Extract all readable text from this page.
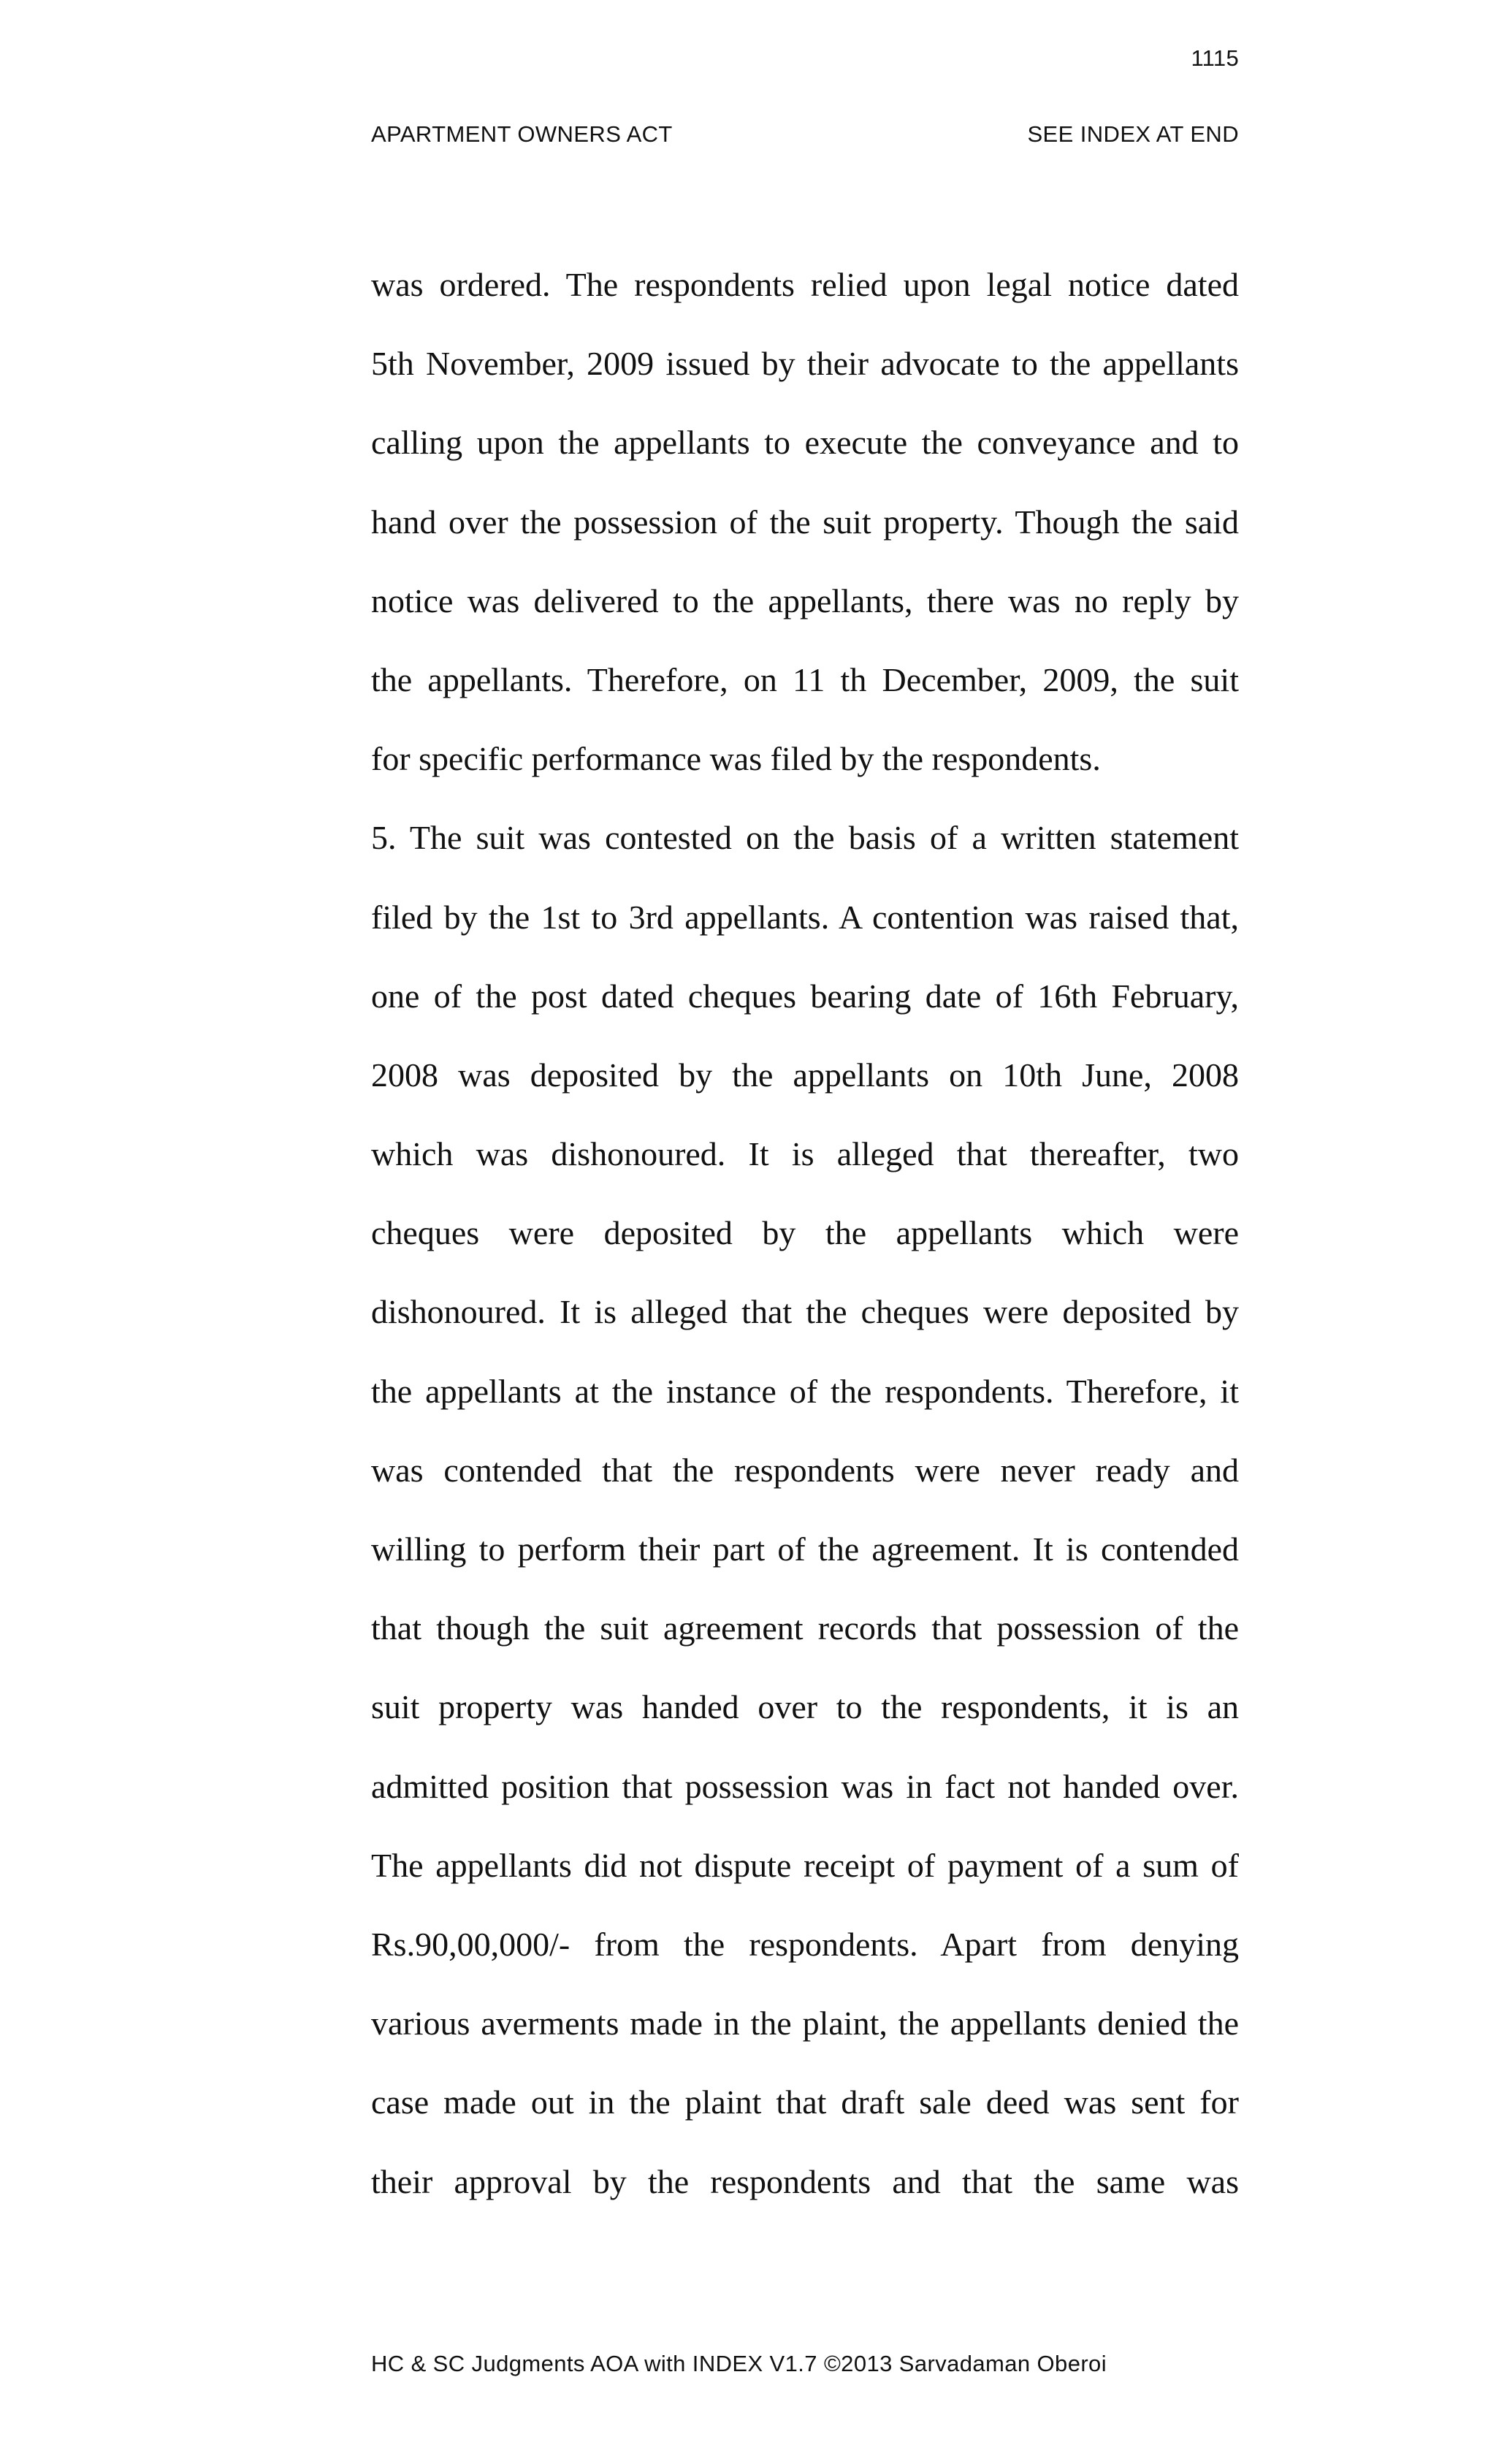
1115
APARTMENT OWNERS ACT	SEE INDEX AT END
was ordered. The respondents relied upon legal notice dated
5th November, 2009 issued by their advocate to the appellants
calling upon the appellants to execute the conveyance and to
hand over the possession of the suit property. Though the said
notice was delivered to the appellants, there was no reply by
the appellants. Therefore, on 11 th December, 2009, the suit
for specific performance was filed by the respondents.
5. The suit was contested on the basis of a written statement
filed by the 1st to 3rd appellants. A contention was raised that,
one of the post dated cheques bearing date of 16th February,
2008 was deposited by the appellants on 10th June, 2008
which was dishonoured. It is alleged that thereafter, two
cheques were deposited by the appellants which were
dishonoured. It is alleged that the cheques were deposited by
the appellants at the instance of the respondents. Therefore, it
was contended that the respondents were never ready and
willing to perform their part of the agreement. It is contended
that though the suit agreement records that possession of the
suit property was handed over to the respondents, it is an
admitted position that possession was in fact not handed over.
The appellants did not dispute receipt of payment of a sum of
Rs.90,00,000/- from the respondents. Apart from denying
various averments made in the plaint, the appellants denied the
case made out in the plaint that draft sale deed was sent for
their approval by the respondents and that the same was
HC & SC Judgments AOA with INDEX V1.7 ©2013 Sarvadaman Oberoi
